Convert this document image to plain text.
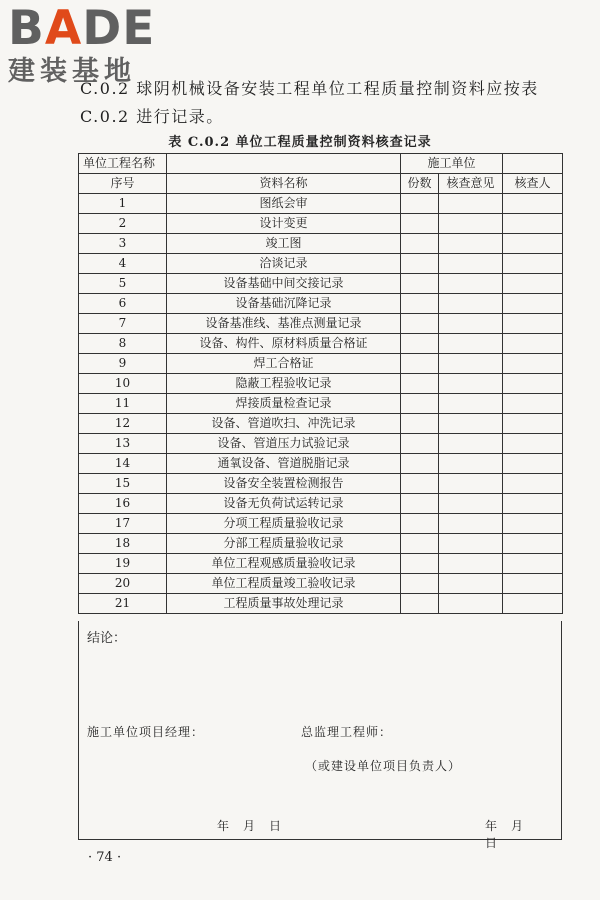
BADE
建装基地
C.0.2 球阴机械设备安装工程单位工程质量控制资料应按表
C.0.2 进行记录。
表 C.0.2 单位工程质量控制资料核查记录
单位工程名称		施工单位		
序号	资料名称	份数	核查意见	核查人
1	图纸会审			
2	设计变更			
3	竣工图			
4	洽谈记录			
5	设备基础中间交接记录			
6	设备基础沉降记录			
7	设备基准线、基准点测量记录			
8	设备、构件、原材料质量合格证			
9	焊工合格证			
10	隐蔽工程验收记录			
11	焊接质量检查记录			
12	设备、管道吹扫、冲洗记录			
13	设备、管道压力试验记录			
14	通氧设备、管道脱脂记录			
15	设备安全装置检测报告			
16	设备无负荷试运转记录			
17	分项工程质量验收记录			
18	分部工程质量验收记录			
19	单位工程观感质量验收记录			
20	单位工程质量竣工验收记录			
21	工程质量事故处理记录			
结论：
施工单位项目经理：	总监理工程师：
（或建设单位项目负责人）
年月日	年月日
· 74 ·
